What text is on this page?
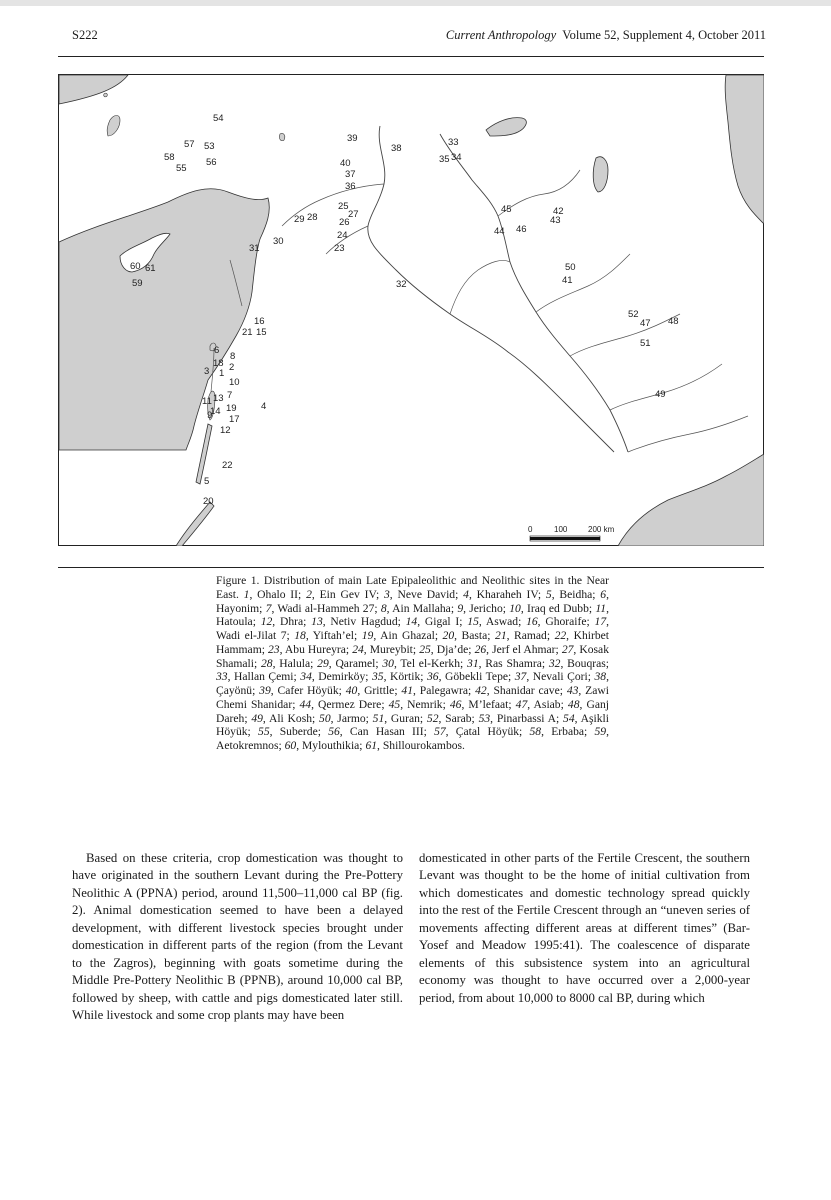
S222	Current Anthropology Volume 52, Supplement 4, October 2011
54
57 53
58	56
55
39
38
33
35 34
40
37
36
25
27
29 28 26
24
23
30
31
32
45
44 46
42
43
50
41
52
47 48
51
49
60 61
59
16
21 15
6
8
18 2
3 1
10
7
11 13
14 19
9 17
12
4
22
5
20
0	100	200 km
Figure 1. Distribution of main Late Epipaleolithic and Neolithic sites in the Near East. 1, Ohalo II; 2, Ein Gev IV; 3, Neve David; 4, Kharaheh IV; 5, Beidha; 6, Hayonim; 7, Wadi al-Hammeh 27; 8, Ain Mallaha; 9, Jericho; 10, Iraq ed Dubb; 11, Hatoula; 12, Dhra; 13, Netiv Hagdud; 14, Gigal I; 15, Aswad; 16, Ghoraife; 17, Wadi el-Jilat 7; 18, Yiftah’el; 19, Ain Ghazal; 20, Basta; 21, Ramad; 22, Khirbet Hammam; 23, Abu Hureyra; 24, Mureybit; 25, Dja’de; 26, Jerf el Ahmar; 27, Kosak Shamali; 28, Halula; 29, Qaramel; 30, Tel el-Kerkh; 31, Ras Shamra; 32, Bouqras; 33, Hallan Çemi; 34, Demirköy; 35, Körtik; 36, Göbekli Tepe; 37, Nevali Çori; 38, Çayönü; 39, Cafer Höyük; 40, Grittle; 41, Palegawra; 42, Shanidar cave; 43, Zawi Chemi Shanidar; 44, Qermez Dere; 45, Nemrik; 46, M’lefaat; 47, Asiab; 48, Ganj Dareh; 49, Ali Kosh; 50, Jarmo; 51, Guran; 52, Sarab; 53, Pinarbassi A; 54, Aşikli Höyük; 55, Suberde; 56, Can Hasan III; 57, Çatal Höyük; 58, Erbaba; 59, Aetokremnos; 60, Mylouthikia; 61, Shillourokambos.
Based on these criteria, crop domestication was thought to have originated in the southern Levant during the Pre-Pottery Neolithic A (PPNA) period, around 11,500–11,000 cal BP (fig. 2). Animal domestication seemed to have been a delayed development, with different livestock species brought under domestication in different parts of the region (from the Levant to the Zagros), beginning with goats sometime during the Middle Pre-Pottery Neolithic B (PPNB), around 10,000 cal BP, followed by sheep, with cattle and pigs domesticated later still. While livestock and some crop plants may have been
domesticated in other parts of the Fertile Crescent, the southern Levant was thought to be the home of initial cultivation from which domesticates and domestic technology spread quickly into the rest of the Fertile Crescent through an “uneven series of movements affecting different areas at different times” (Bar-Yosef and Meadow 1995:41). The coalescence of disparate elements of this subsistence system into an agricultural economy was thought to have occurred over a 2,000-year period, from about 10,000 to 8000 cal BP, during which
